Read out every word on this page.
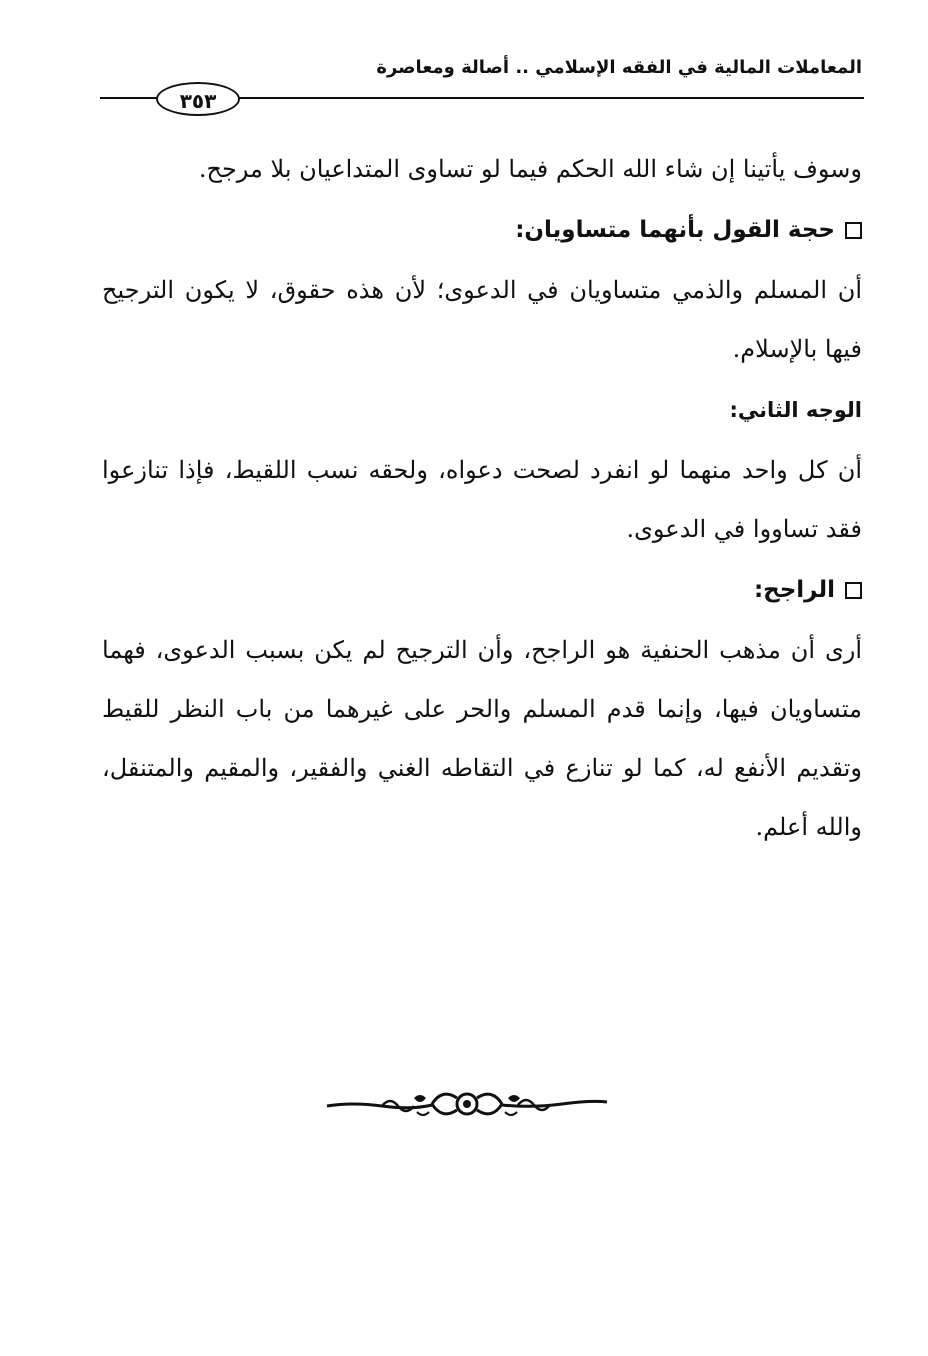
المعاملات المالية في الفقه الإسلامي .. أصالة ومعاصرة
٣٥٣

وسوف يأتينا إن شاء الله الحكم فيما لو تساوى المتداعيان بلا مرجح.

حجة القول بأنهما متساويان:

أن المسلم والذمي متساويان في الدعوى؛ لأن هذه حقوق، لا يكون الترجيح فيها بالإسلام.

الوجه الثاني:

أن كل واحد منهما لو انفرد لصحت دعواه، ولحقه نسب اللقيط، فإذا تنازعوا فقد تساووا في الدعوى.

الراجح:

أرى أن مذهب الحنفية هو الراجح، وأن الترجيح لم يكن بسبب الدعوى، فهما متساويان فيها، وإنما قدم المسلم والحر على غيرهما من باب النظر للقيط وتقديم الأنفع له، كما لو تنازع في التقاطه الغني والفقير، والمقيم والمتنقل، والله أعلم.
